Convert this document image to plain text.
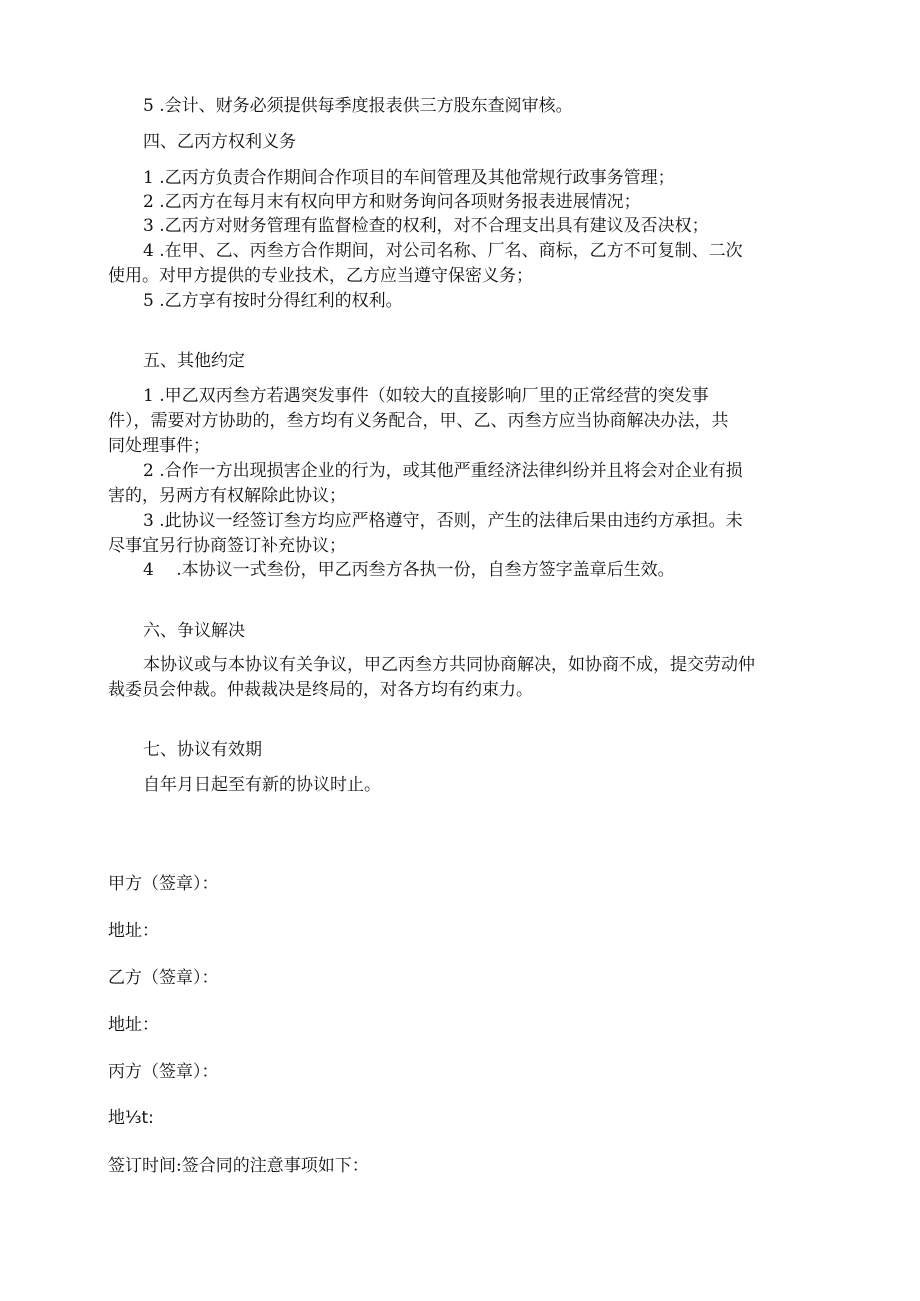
5 .会计、财务必须提供每季度报表供三方股东查阅审核。

四、乙丙方权利义务

1 .乙丙方负责合作期间合作项目的车间管理及其他常规行政事务管理；

2 .乙丙方在每月末有权向甲方和财务询问各项财务报表进展情况；

3 .乙丙方对财务管理有监督检查的权利，对不合理支出具有建议及否决权；

4 .在甲、乙、丙叁方合作期间，对公司名称、厂名、商标，乙方不可复制、二次

使用。对甲方提供的专业技术，乙方应当遵守保密义务；

5 .乙方享有按时分得红利的权利。

五、其他约定

1 .甲乙双丙叁方若遇突发事件（如较大的直接影响厂里的正常经营的突发事

件），需要对方协助的，叁方均有义务配合，甲、乙、丙叁方应当协商解决办法，共

同处理事件；

2 .合作一方出现损害企业的行为，或其他严重经济法律纠纷并且将会对企业有损

害的，另两方有权解除此协议；

3 .此协议一经签订叁方均应严格遵守，否则，产生的法律后果由违约方承担。未

尽事宜另行协商签订补充协议；

4　 .本协议一式叁份，甲乙丙叁方各执一份，自叁方签字盖章后生效。

六、争议解决

本协议或与本协议有关争议，甲乙丙叁方共同协商解决，如协商不成，提交劳动仲

裁委员会仲裁。仲裁裁决是终局的，对各方均有约束力。

七、协议有效期

自年月日起至有新的协议时止。

甲方（签章）：

地址：

乙方（签章）：

地址：

丙方（签章）：

地⅓t:

签订时间:签合同的注意事项如下：
